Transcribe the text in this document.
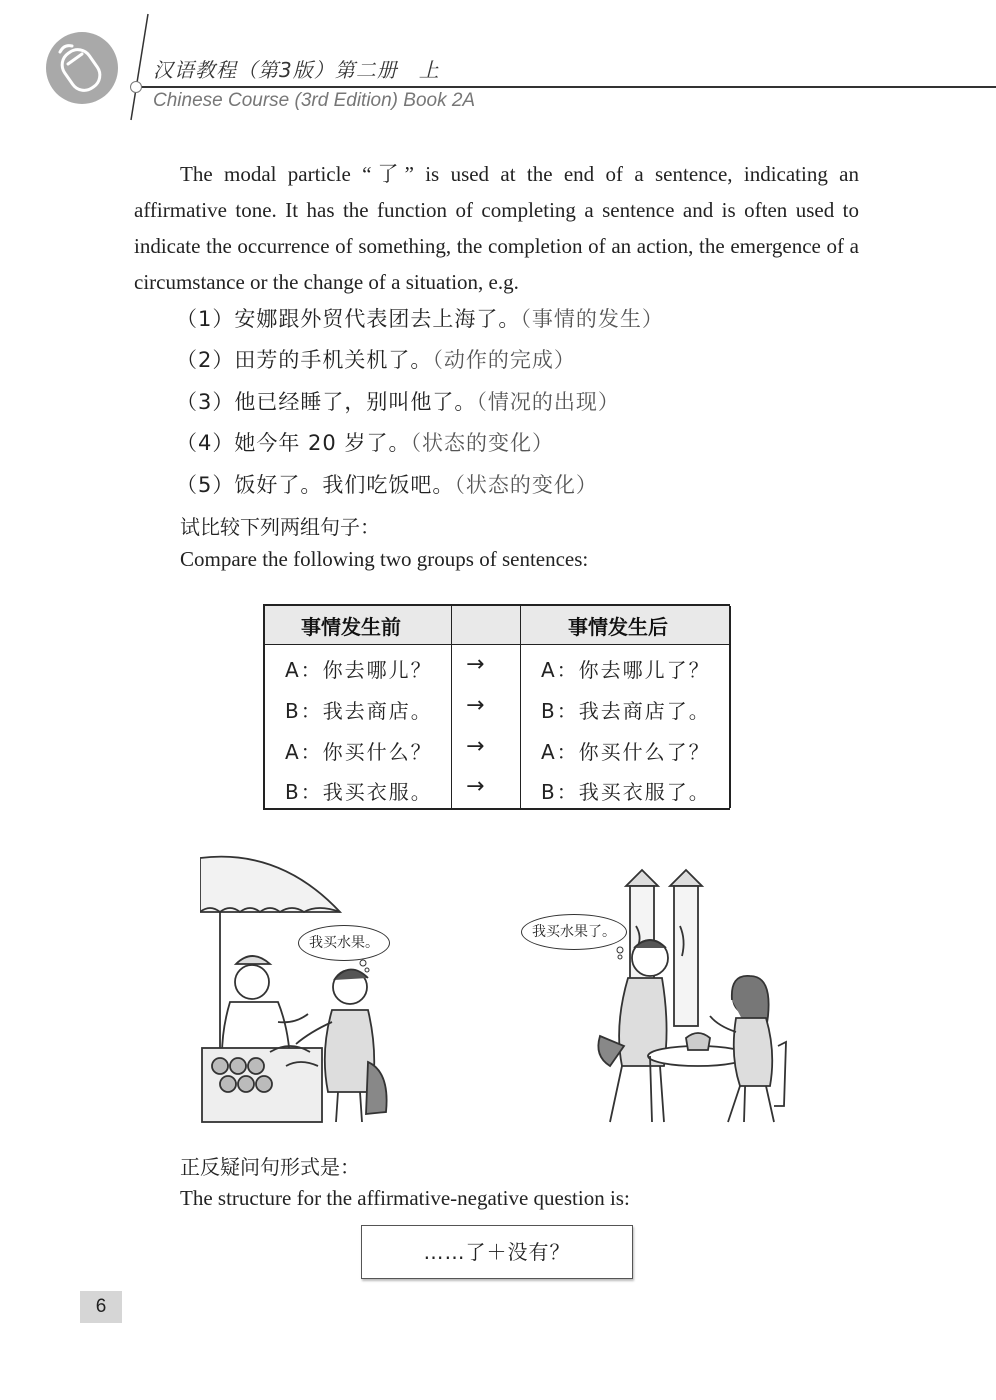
汉语教程（第3版）第二册　上
Chinese Course (3rd Edition) Book 2A

The modal particle “了” is used at the end of a sentence, indicating an affirmative tone. It has the function of completing a sentence and is often used to indicate the occurrence of something, the completion of an action, the emergence of a circumstance or the change of a situation, e.g.

（1）安娜跟外贸代表团去上海了。（事情的发生）
（2）田芳的手机关机了。（动作的完成）
（3）他已经睡了，别叫他了。（情况的出现）
（4）她今年 20 岁了。（状态的变化）
（5）饭好了。我们吃饭吧。（状态的变化）
试比较下列两组句子：
Compare the following two groups of sentences:
事情发生前	事情发生后
A：你去哪儿？ →	A：你去哪儿了？
B：我去商店。 →	B：我去商店了。
A：你买什么？ →	A：你买什么了？
B：我买衣服。 →	B：我买衣服了。
我买水果。
我买水果了。
正反疑问句形式是：
The structure for the affirmative-negative question is:
……了＋没有？
6
